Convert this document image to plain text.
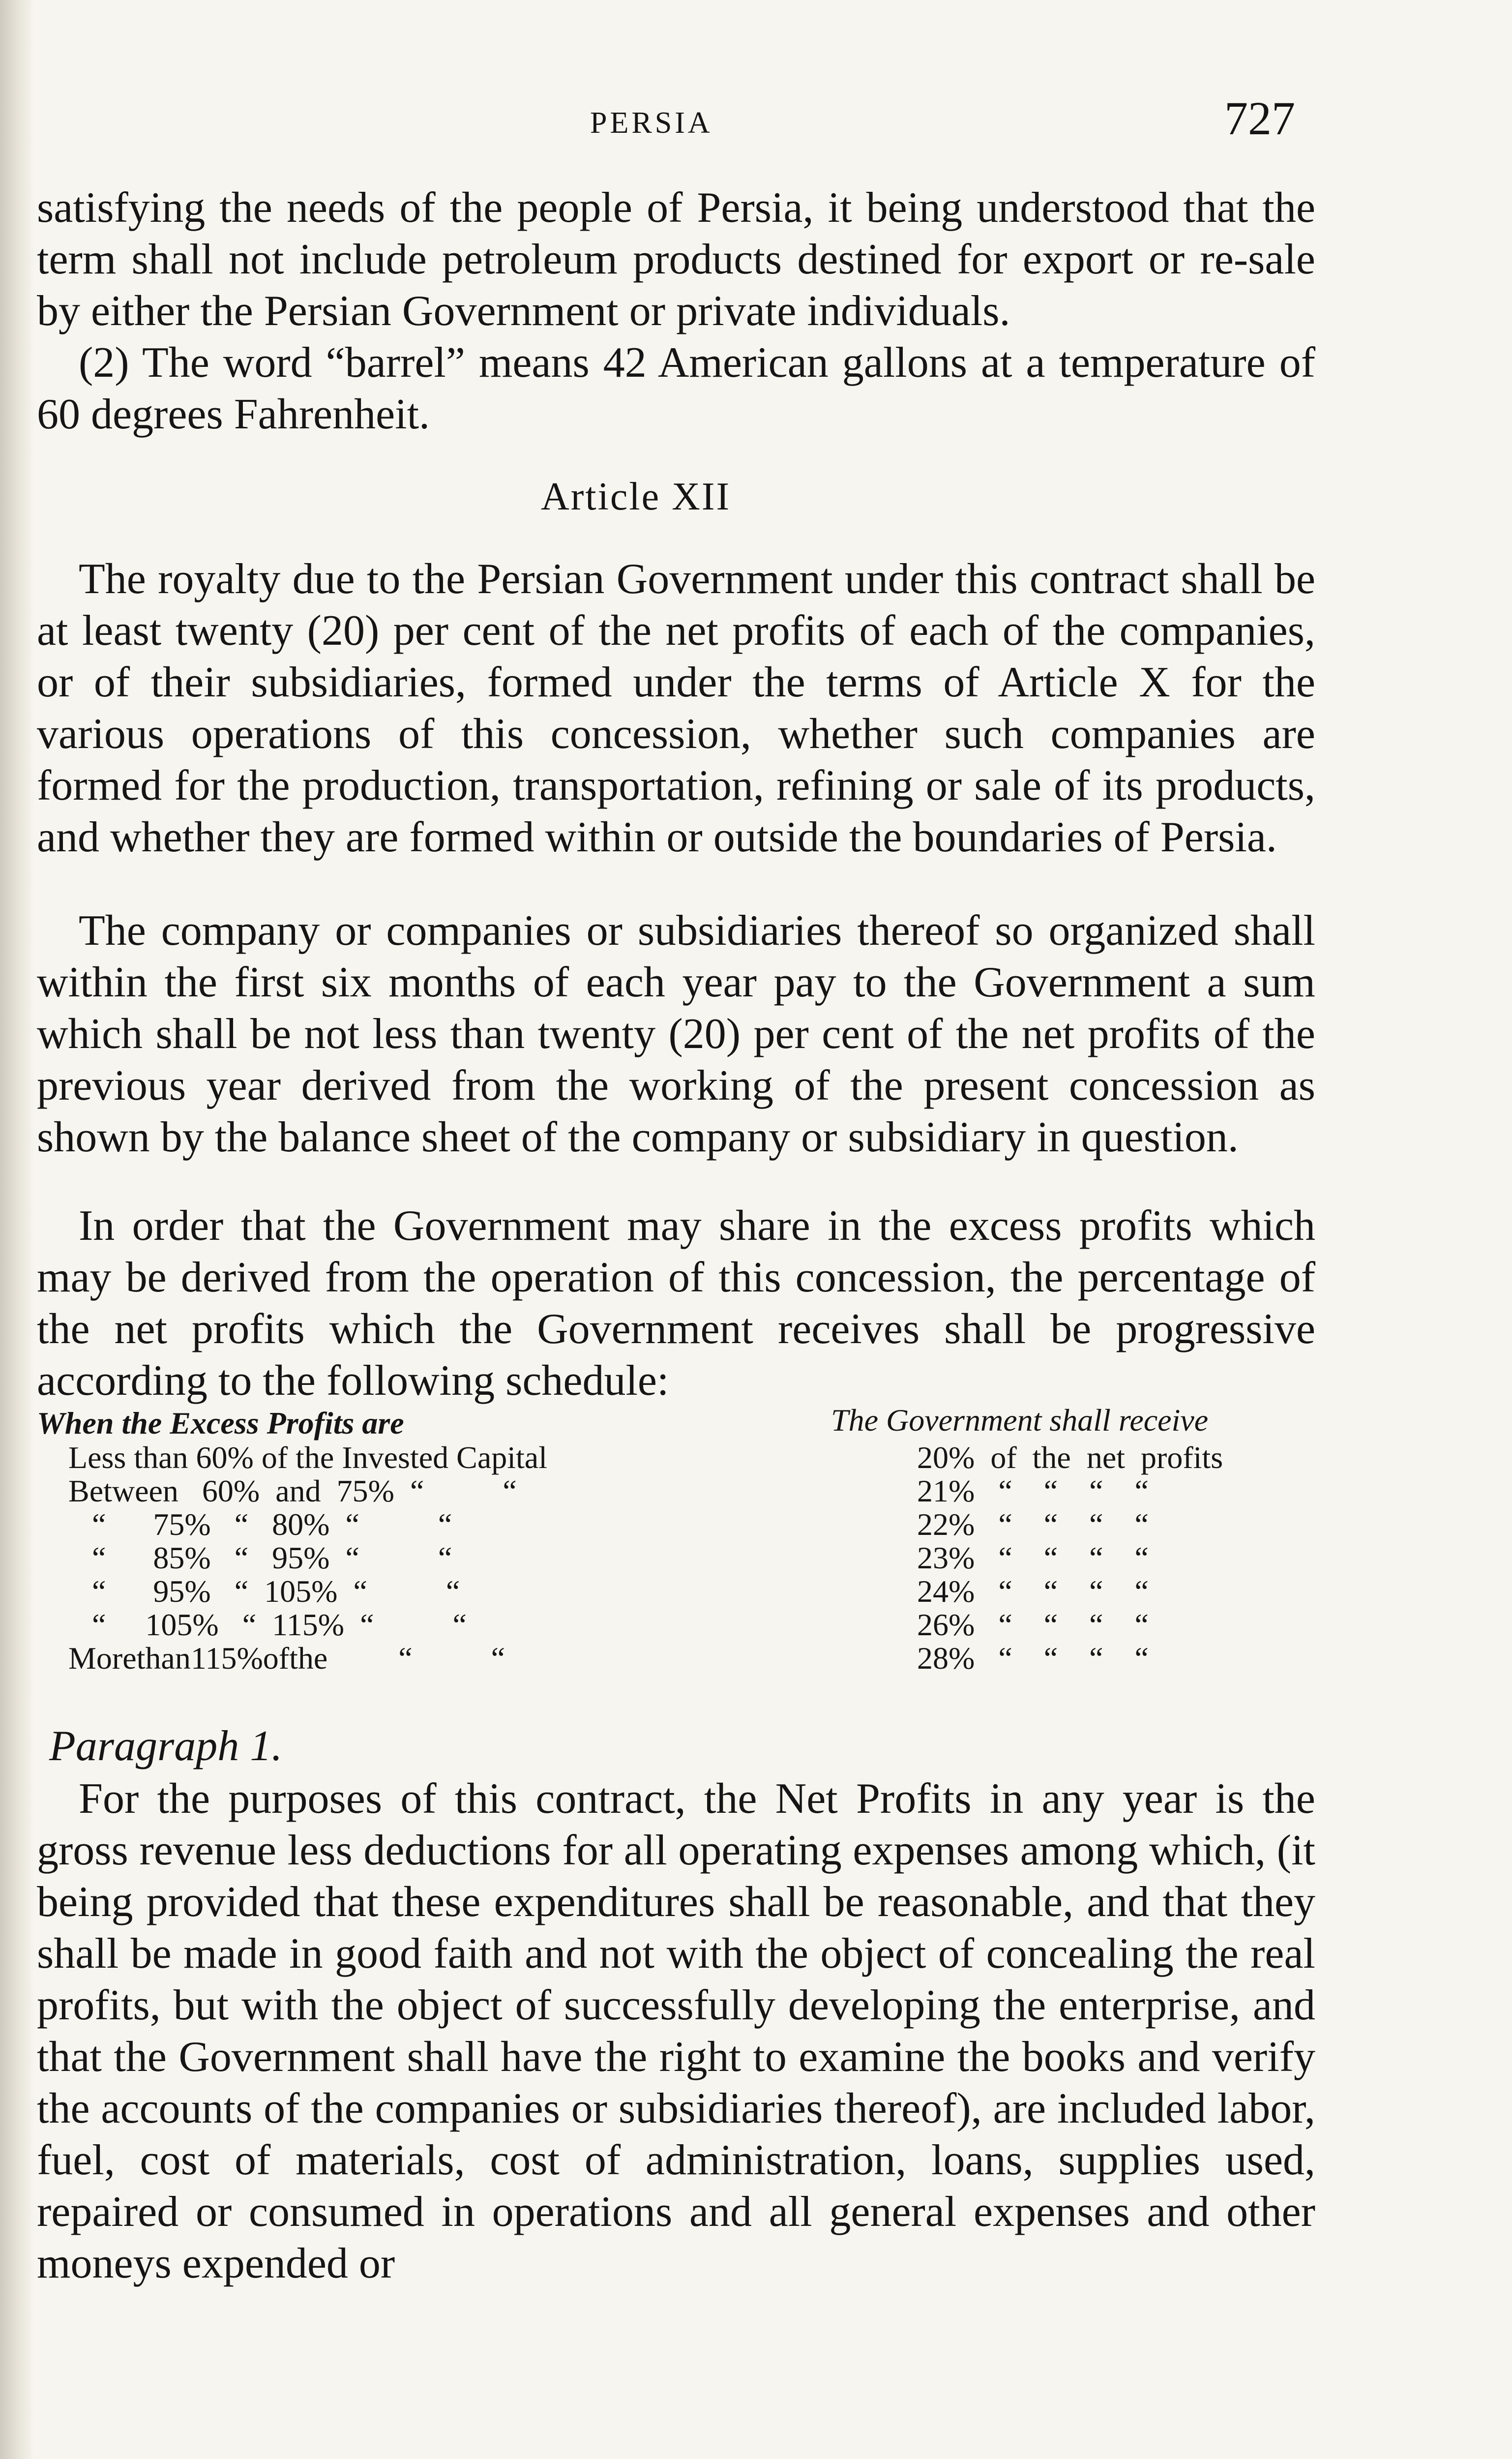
PERSIA	727

satisfying the needs of the people of Persia, it being understood that the term shall not include petroleum products destined for export or re-sale by either the Persian Government or private individuals.

(2) The word “barrel” means 42 American gallons at a temperature of 60 degrees Fahrenheit.

Article XII

The royalty due to the Persian Government under this contract shall be at least twenty (20) per cent of the net profits of each of the companies, or of their subsidiaries, formed under the terms of Article X for the various operations of this concession, whether such companies are formed for the production, transportation, refining or sale of its products, and whether they are formed within or outside the boundaries of Persia.

The company or companies or subsidiaries thereof so organized shall within the first six months of each year pay to the Government a sum which shall be not less than twenty (20) per cent of the net profits of the previous year derived from the working of the present concession as shown by the balance sheet of the company or subsidiary in question.

In order that the Government may share in the excess profits which may be derived from the operation of this concession, the percentage of the net profits which the Government receives shall be progressive according to the following schedule:

When the Excess Profits are	The Government shall receive
Less than 60% of the Invested Capital	20%  of  the  net  profits
Between   60%  and  75%  “          “	21%   “    “    “    “
“      75%   “   80%  “          “	22%   “    “    “    “
“      85%   “   95%  “          “	23%   “    “    “    “
“      95%   “  105%  “          “	24%   “    “    “    “
“     105%   “  115%  “          “	26%   “    “    “    “
Morethan115%ofthe         “          “	28%   “    “    “    “
Paragraph 1.

For the purposes of this contract, the Net Profits in any year is the gross revenue less deductions for all operating expenses among which, (it being provided that these expenditures shall be reasonable, and that they shall be made in good faith and not with the object of concealing the real profits, but with the object of successfully developing the enterprise, and that the Government shall have the right to examine the books and verify the accounts of the companies or subsidiaries thereof), are included labor, fuel, cost of materials, cost of administration, loans, supplies used, repaired or consumed in operations and all general expenses and other moneys expended or
